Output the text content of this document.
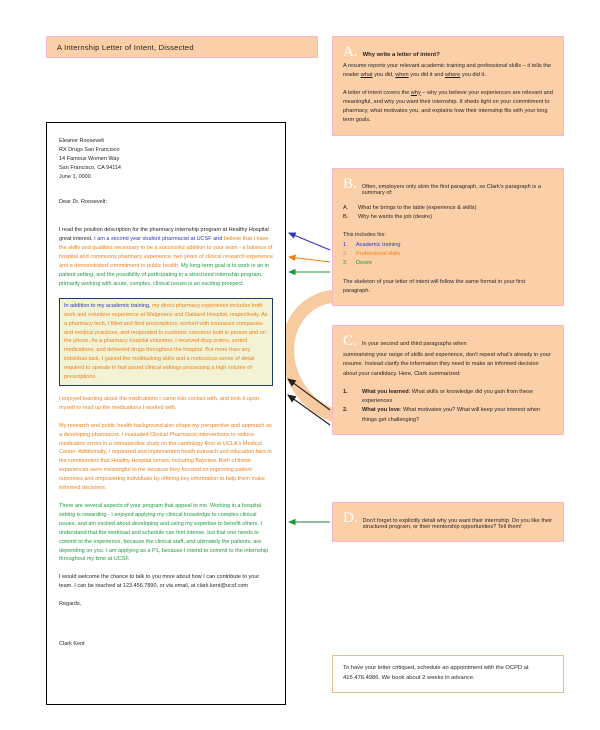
A Internship Letter of Intent, Dissected
Eleanor Roosevelt
RX Drugs San Francisco
14 Famous Women Way
San Francisco, CA 94114
June 1, 0000

Dear Dr. Roosevelt:

I read the position description for the pharmacy internship program at Healthy Hospital great interest. I am a second year student pharmacist at UCSF and believe that I have the skills and qualities necessary to be a successful addition to your team - a balance of hospital and community pharmacy experience, two years of clinical research experience and a demonstrated commitment to public health. My long-term goal is to work in an in patient setting, and the possibility of participating in a structured internship program, primarily working with acute, complex, clinical issues is an exciting prospect.

In addition to my academic training, my direct pharmacy experience includes both work and volunteer experience at Walgreens and Oakland Hospital, respectively. As a pharmacy tech, I filled and filed prescriptions, worked with insurance companies and medical practices, and responded to customer concerns both in person and on the phone. As a pharmacy hospital volunteer, I received drug orders, sorted medications, and delivered drugs throughout the hospital. But more than any individual task, I gained the multitasking skills and a meticulous sense of detail required to operate in fast paced clinical settings processing a high volume of prescriptions.

I enjoyed learning about the medications I came into contact with, and took it upon myself to read up the medications I worked with.

My research and public health background also shape my perspective and approach as a developing pharmacist. I evaluated Clinical Pharmacist interventions to reduce medication errors in a retrospective study on the cardiology floor at UCLA's Medical Center. Additionally, I organized and implemented heath outreach and education fairs in the communities that Healthy Hospital serves, including Bayview. Both of these experiences were meaningful to me because they focused on improving patient outcomes and empowering individuals by offering key information to help them make informed decisions.

There are several aspects of your program that appeal to me. Working in a hospital setting is rewarding - I enjoyed applying my clinical knowledge to complex clinical issues, and am excited about developing and using my expertise to benefit others. I understand that the workload and schedule can feel intense, but that one needs to commit to the experience, because the clinical staff, and ultimately the patients, are depending on you. I am applying as a P1, because I intend to commit to the internship throughout my time at UCSF.

I would welcome the chance to talk to you more about how I can contribute to your team. I can be reached at 123.456.7890, or via email, at clark.kent@ucsf.com

Regards,

Clark Kent

A. Why write a letter of intent?

A resume reports your relevant academic training and professional skills – it tells the reader what you did, when you did it and where you did it.

A letter of intent covers the why – why you believe your experiences are relevant and meaningful, and why you want their internship. It sheds light on your commitment to pharmacy, what motivates you, and explains how their internship fits with your long term goals.

B. Often, employers only skim the first paragraph, so Clark's paragraph is a summary of:
A.	What he brings to the table (experience & skills)
B.	Why he wants the job (desire)

This includes his:

1.	Academic training
2.	Professional skills
3.	Desire

The skeleton of your letter of intent will follow the same format in your first paragraph.

C. In your second and third paragraphs when

summarizing your range of skills and experience, don't repeat what's already in your resume. Instead clarify the information they need to make an informed decision about your candidacy. Here, Clark summarized:

1.	What you learned: What skills or knowledge did you gain from these experiences
2.	What you love: What motivates you? What will keep your interest when things get challenging?
D. Don't forget to explicitly detail why you want their internship. Do you like their structured program, or their mentorship opportunities? Tell them!

To have your letter critiqued, schedule an appointment with the OCPD at 415.476.4986. We book about 2 weeks in advance.
